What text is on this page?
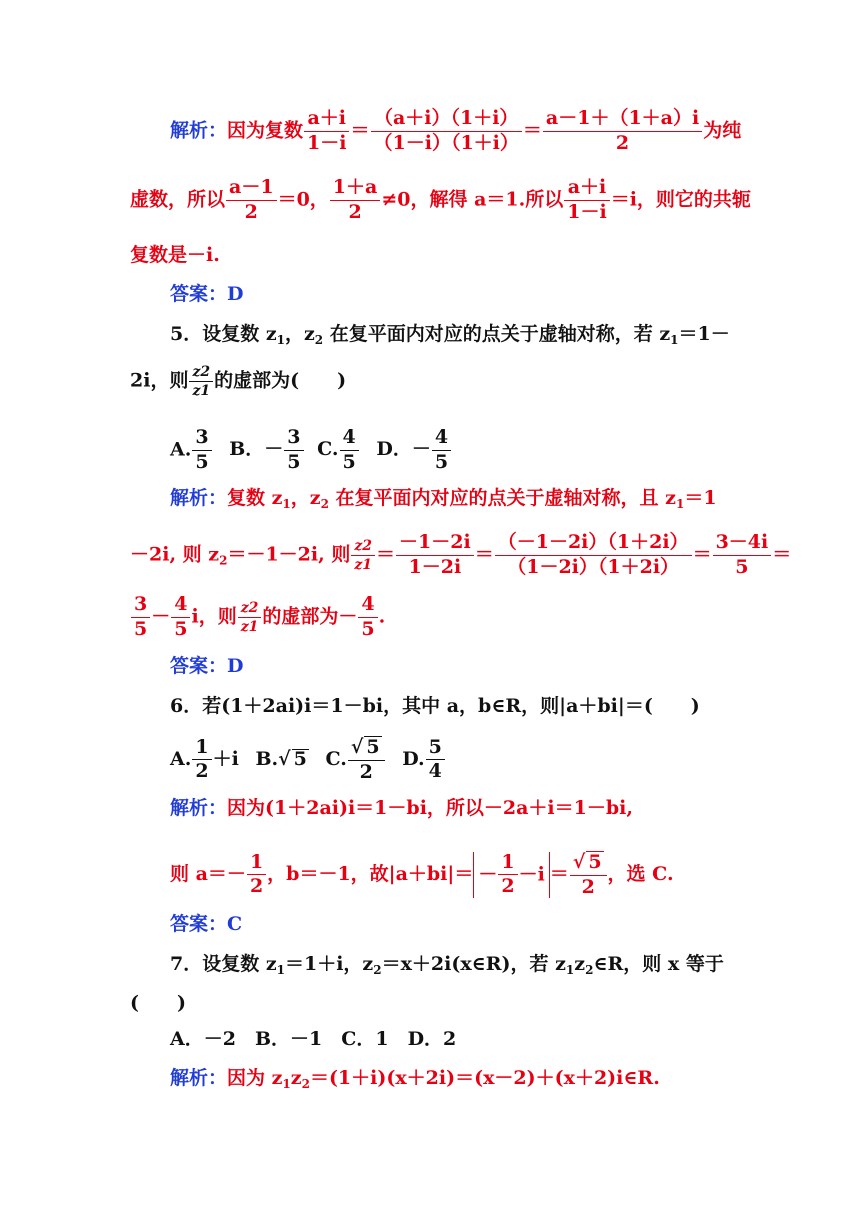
解析：因为复数 $\frac{a+i}{1-i} = \frac{(a+i)(1+i)}{(1-i)(1+i)} = \frac{a-1+(1+a)i}{2}$ 为纯
虚数，所以 $\frac{a-1}{2} =0$， $\frac{1+a}{2} \ne 0$，解得 a＝1.所以 $\frac{a+i}{1-i} =i$，则它的共轭
复数是－i.
答案：D
5．设复数 $z_1$，$z_2$ 在复平面内对应的点关于虚轴对称，若 $z_1=1-$
2i，则 $\frac{z2}{z1}$ 的虚部为(　　)
A. $\frac{3}{5}$ B．－ $\frac{3}{5} C$. $\frac{4}{5}$ D．－ $\frac{4}{5}$
解析：复数 $z_1$，$z_2$ 在复平面内对应的点关于虚轴对称，且 $z_1=1$
－2i, 则 $z_2=-1-2i$, 则 $\frac{z2}{z1} = \frac{-1-2i}{1-2i} = \frac{(-1-2i)(1+2i)}{(1-2i)(1+2i)} = \frac{3-4i}{5}$ ＝
$\frac{3}{5} - \frac{4}{5}$ i，则 $\frac{z2}{z1}$ 的虚部为－ $\frac{4}{5}$ .
答案：D
6．若(1＋2ai)i＝1－bi，其中 a，b∈R，则|a＋bi|＝(　　)
A. $\frac{1}{2} +i$ B.√ 5 C. $\frac{√ 5}{2} D$. $\frac{5}{4}$
解析：因为(1＋2ai)i＝1－bi，所以－2a＋i＝1－bi,
则 $a=- \frac{1}{2}$ ，b＝－1，故$|a+bi|= - \frac{1}{2} -i = \frac{√ 5}{2}$ ，选 C.
答案：C
7．设复数 $z_1=1+i$，$z_2=x+2i(x\in R)$，若 $z_1z_2\in R$，则 x 等于
(　　)
A．－2　B．－1　C．1　D．2
解析：因为 $z_1z_2=(1+i)(x+2i)=(x-2)+(x+2)i\in R$.
